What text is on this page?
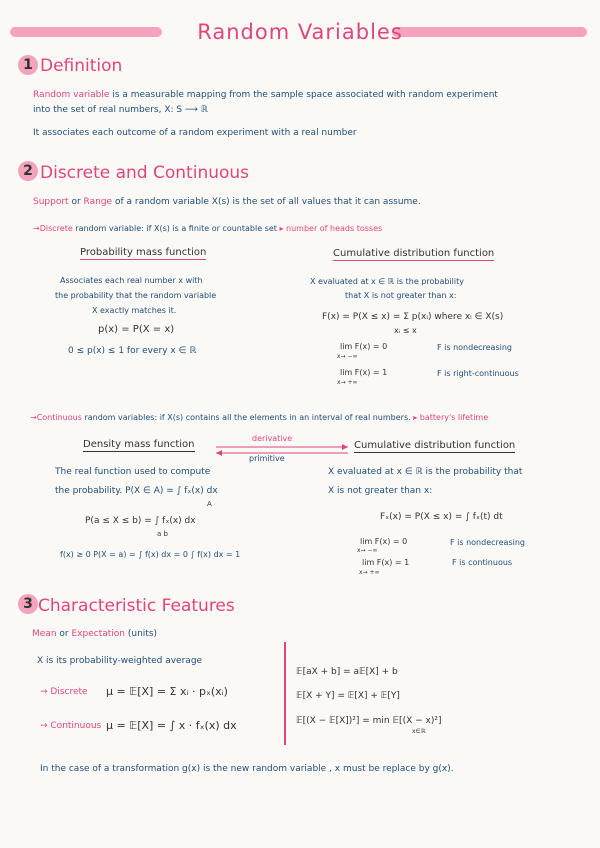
Random Variables
1 Definition
Random variable is a measurable mapping from the sample space associated with random experiment
into the set of real numbers, X: S ⟶ ℝ
It associates each outcome of a random experiment with a real number
2 Discrete and Continuous
Support or Range of a random variable X(s) is the set of all values that it can assume.
→Discrete random variable: if X(s) is a finite or countable set ▸ number of heads tosses
Probability mass function	Cumulative distribution function
Associates each real number x with
the probability that the random variable
X exactly matches it.
p(x) = P(X = x)
0 ≤ p(x) ≤ 1 for every x ∈ ℝ
X evaluated at x ∈ ℝ is the probability
that X is not greater than x:
F(x) = P(X ≤ x) = Σ p(xᵢ) where xᵢ ∈ X(s)
xᵢ ≤ x
lim F(x) = 0
x→ −∞
F is nondecreasing
lim F(x) = 1
x→ +∞
F is right-continuous
→Continuous random variables: if X(s) contains all the elements in an interval of real numbers. ▸ battery's lifetime
Density mass function
derivative
primitive
Cumulative distribution function
The real function used to compute
the probability. P(X ∈ A) = ∫ fₓ(x) dx
A
P(a ≤ X ≤ b) = ∫ fₓ(x) dx
a b
f(x) ≥ 0 P(X = a) = ∫ f(x) dx = 0 ∫ f(x) dx = 1
X evaluated at x ∈ ℝ is the probability that
X is not greater than x:
Fₓ(x) = P(X ≤ x) = ∫ fₓ(t) dt
lim F(x) = 0
x→ −∞
F is nondecreasing
lim F(x) = 1
x→ +∞
F is continuous
3 Characteristic Features
Mean or Expectation (units)
X is its probability-weighted average
→ Discrete μ = 𝔼[X] = Σ xᵢ · pₓ(xᵢ)
→ Continuous μ = 𝔼[X] = ∫ x · fₓ(x) dx
𝔼[aX + b] = a𝔼[X] + b
𝔼[X + Y] = 𝔼[X] + 𝔼[Y]
𝔼[(X − 𝔼[X])²] = min 𝔼[(X − x)²]
x∈ℝ
In the case of a transformation g(x) is the new random variable , x must be replace by g(x).
